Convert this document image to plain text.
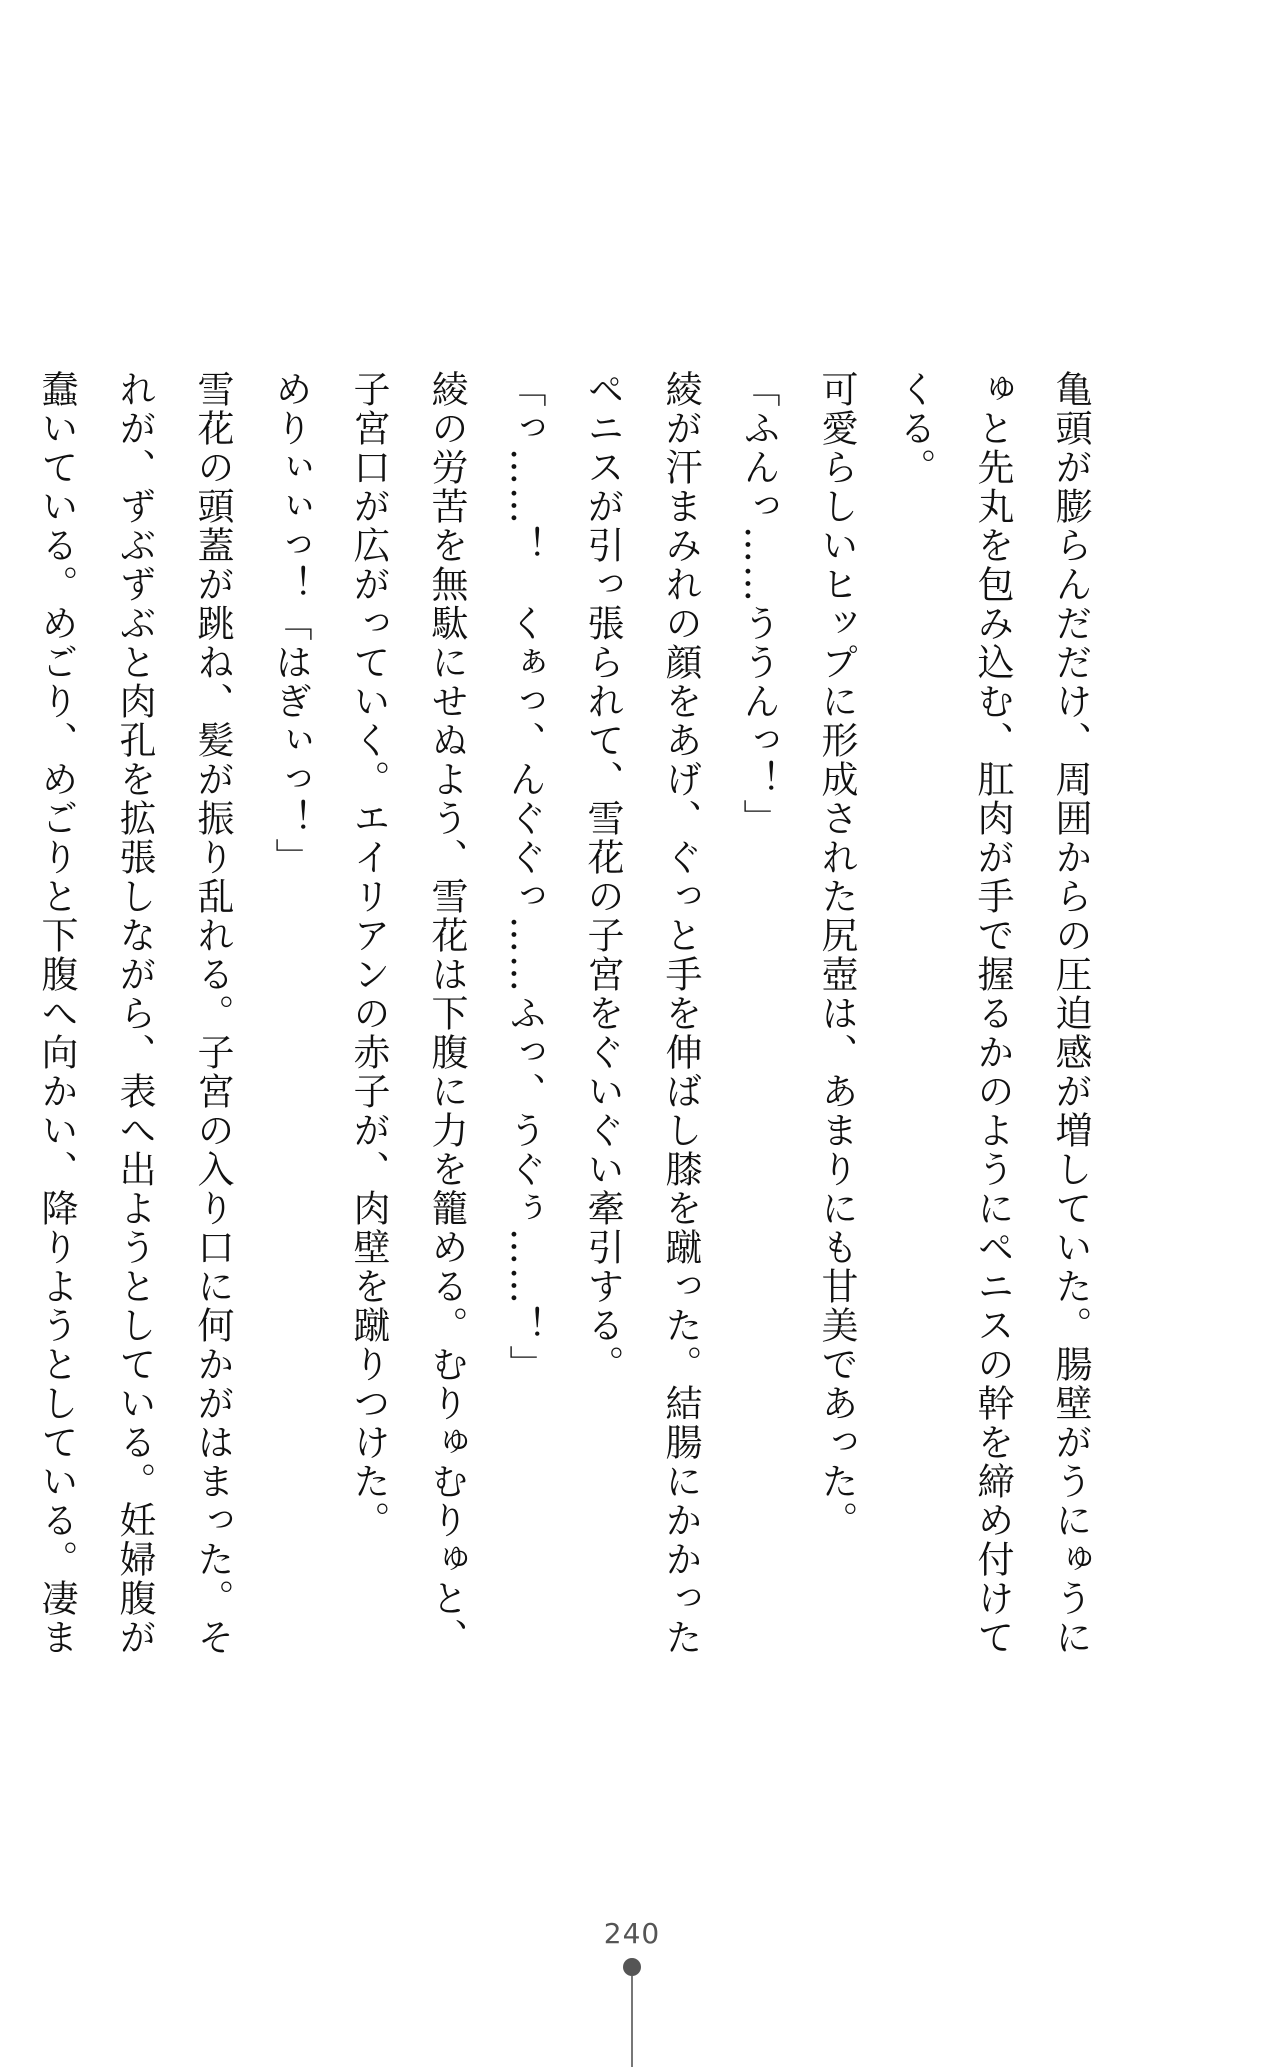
亀頭が膨らんだだけ、周囲からの圧迫感が増していた。腸壁がうにゅうにゅと先丸を包み込む、肛肉が手で握るかのようにペニスの幹を締め付けてくる。

可愛らしいヒップに形成された尻壺は、あまりにも甘美であった。

「ふんっ……ううんっ！」

綾が汗まみれの顔をあげ、ぐっと手を伸ばし膝を蹴った。結腸にかかったペニスが引っ張られて、雪花の子宮をぐいぐい牽引する。

「っ……！　くぁっ、んぐぐっ……ふっ、うぐぅ……！」

綾の労苦を無駄にせぬよう、雪花は下腹に力を籠める。むりゅむりゅと、子宮口が広がっていく。エイリアンの赤子が、肉壁を蹴りつけた。

めりぃぃっ！「はぎぃっ！」

雪花の頭蓋が跳ね、髪が振り乱れる。子宮の入り口に何かがはまった。それが、ずぶずぶと肉孔を拡張しながら、表へ出ようとしている。妊婦腹が蠢いている。めごり、めごりと下腹へ向かい、降りようとしている。凄ま

240
